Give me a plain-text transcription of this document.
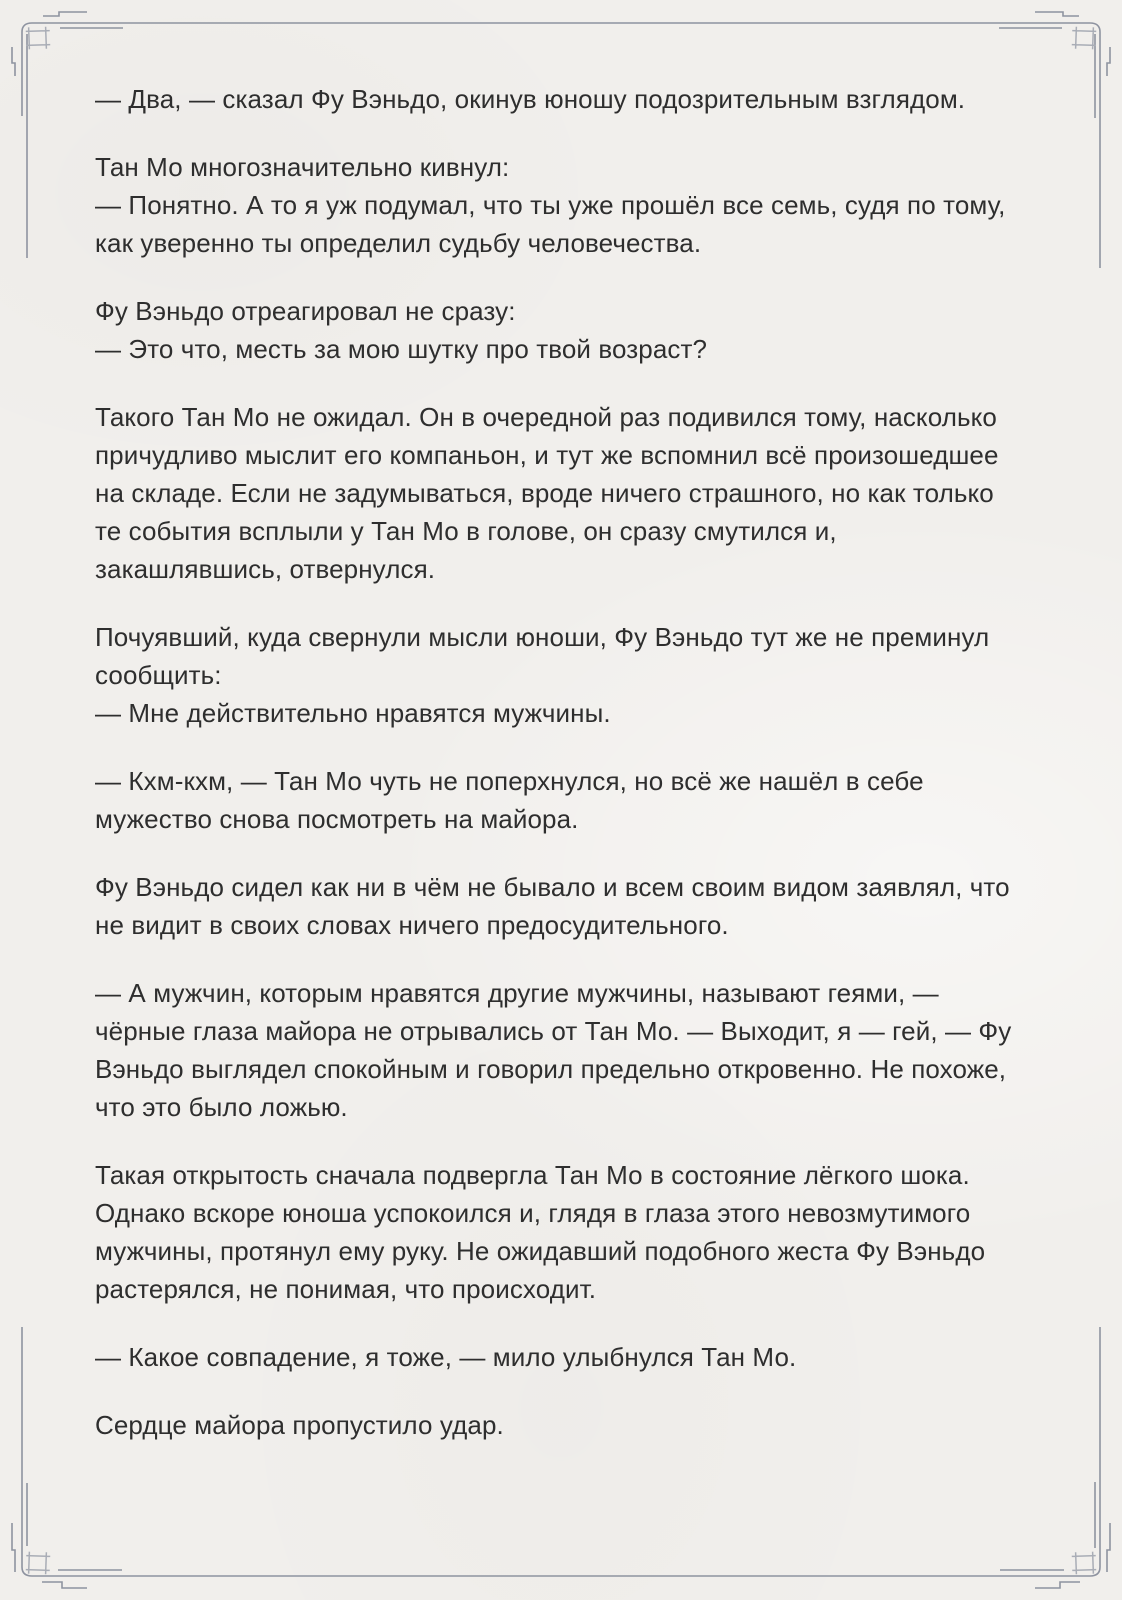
— Два, — сказал Фу Вэньдо, окинув юношу подозрительным взглядом.
Тан Мо многозначительно кивнул:
— Понятно. А то я уж подумал, что ты уже прошёл все семь, судя по тому, как уверенно ты определил судьбу человечества.
Фу Вэньдо отреагировал не сразу:
— Это что, месть за мою шутку про твой возраст?
Такого Тан Мо не ожидал. Он в очередной раз подивился тому, насколько причудливо мыслит его компаньон, и тут же вспомнил всё произошедшее на складе. Если не задумываться, вроде ничего страшного, но как только те события всплыли у Тан Мо в голове, он сразу смутился и, закашлявшись, отвернулся.
Почуявший, куда свернули мысли юноши, Фу Вэньдо тут же не преминул сообщить:
— Мне действительно нравятся мужчины.
— Кхм-кхм, — Тан Мо чуть не поперхнулся, но всё же нашёл в себе мужество снова посмотреть на майора.
Фу Вэньдо сидел как ни в чём не бывало и всем своим видом заявлял, что не видит в своих словах ничего предосудительного.
— А мужчин, которым нравятся другие мужчины, называют геями, — чёрные глаза майора не отрывались от Тан Мо. — Выходит, я — гей, — Фу Вэньдо выглядел спокойным и говорил предельно откровенно. Не похоже, что это было ложью.
Такая открытость сначала подвергла Тан Мо в состояние лёгкого шока. Однако вскоре юноша успокоился и, глядя в глаза этого невозмутимого мужчины, протянул ему руку. Не ожидавший подобного жеста Фу Вэньдо растерялся, не понимая, что происходит.
— Какое совпадение, я тоже, — мило улыбнулся Тан Мо.
Сердце майора пропустило удар.
